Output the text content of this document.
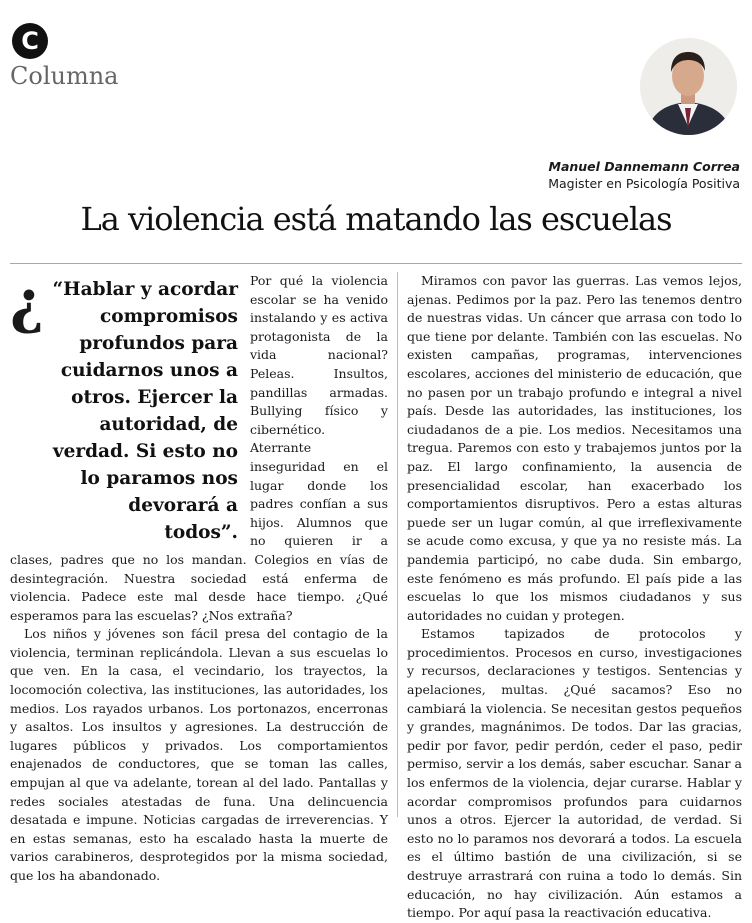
C
Columna
Manuel Dannemann Correa
Magister en Psicología Positiva
La violencia está matando las escuelas

¿ “Hablar y acordar compromisos profundos para cuidarnos unos a otros. Ejercer la autoridad, de verdad. Si esto no lo paramos nos devorará a todos”.
Por qué la violencia escolar se ha venido instalando y es activa protagonista de la vida nacional? Peleas. Insultos, pandillas armadas. Bullying físico y cibernético. Aterrante inseguridad en el lugar donde los padres confían a sus hijos. Alumnos que no quieren ir a clases, padres que no los mandan. Colegios en vías de desintegración. Nuestra sociedad está enferma de violencia. Padece este mal desde hace tiempo. ¿Qué esperamos para las escuelas? ¿Nos extraña?

Los niños y jóvenes son fácil presa del contagio de la violencia, terminan replicándola. Llevan a sus escuelas lo que ven. En la casa, el vecindario, los trayectos, la locomoción colectiva, las instituciones, las autoridades, los medios. Los rayados urbanos. Los portonazos, encerronas y asaltos. Los insultos y agresiones. La destrucción de lugares públicos y privados. Los comportamientos enajenados de conductores, que se toman las calles, empujan al que va adelante, torean al del lado. Pantallas y redes sociales atestadas de funa. Una delincuencia desatada e impune. Noticias cargadas de irreverencias. Y en estas semanas, esto ha escalado hasta la muerte de varios carabineros, desprotegidos por la misma sociedad, que los ha abandonado.

Miramos con pavor las guerras. Las vemos lejos, ajenas. Pedimos por la paz. Pero las tenemos dentro de nuestras vidas. Un cáncer que arrasa con todo lo que tiene por delante. También con las escuelas. No existen campañas, programas, intervenciones escolares, acciones del ministerio de educación, que no pasen por un trabajo profundo e integral a nivel país. Desde las autoridades, las instituciones, los ciudadanos de a pie. Los medios. Necesitamos una tregua. Paremos con esto y trabajemos juntos por la paz. El largo confinamiento, la ausencia de presencialidad escolar, han exacerbado los comportamientos disruptivos. Pero a estas alturas puede ser un lugar común, al que irreflexivamente se acude como excusa, y que ya no resiste más. La pandemia participó, no cabe duda. Sin embargo, este fenómeno es más profundo. El país pide a las escuelas lo que los mismos ciudadanos y sus autoridades no cuidan y protegen.

Estamos tapizados de protocolos y procedimientos. Procesos en curso, investigaciones y recursos, declaraciones y testigos. Sentencias y apelaciones, multas. ¿Qué sacamos? Eso no cambiará la violencia. Se necesitan gestos pequeños y grandes, magnánimos. De todos. Dar las gracias, pedir por favor, pedir perdón, ceder el paso, pedir permiso, servir a los demás, saber escuchar. Sanar a los enfermos de la violencia, dejar curarse. Hablar y acordar compromisos profundos para cuidarnos unos a otros. Ejercer la autoridad, de verdad. Si esto no lo paramos nos devorará a todos. La escuela es el último bastión de una civilización, si se destruye arrastrará con ruina a todo lo demás. Sin educación, no hay civilización. Aún estamos a tiempo. Por aquí pasa la reactivación educativa.
